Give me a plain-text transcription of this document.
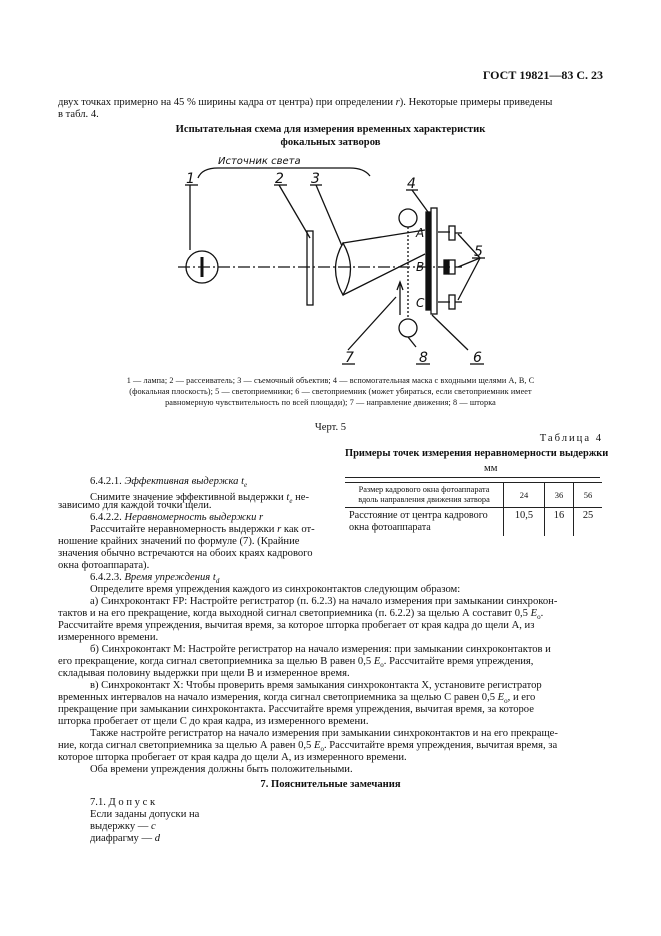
ГОСТ 19821—83 С. 23

двух точках примерно на 45 % ширины кадра от центра) при определении r). Некоторые примеры приведены

в табл. 4.

Испытательная схема для измерения временных характеристик
фокальных затворов
1	2 3	4
5
6
7	8
A
B
C
Источник света
1 — лампа; 2 — рассеиватель; 3 — съемочный объектив; 4 — вспомогательная маска с входными щелями А, В, С
(фокальная плоскость); 5 — светоприемники; 6 — светоприемник (может убираться, если светоприемник имеет
равномерную чувствительность по всей площади); 7 — направление движения; 8 — шторка
Черт. 5
Таблица 4
Примеры точек измерения неравномерности выдержки
мм
Размер кадрового окна фотоаппарата вдоль направления движения затвора	24	36	56
Расстояние от центра кадрового окна фотоаппарата	10,5	16	25
6.4.2.1. Эффективная выдержка $t_e$
Снимите значение эффективной выдержки $t_e$ не-
зависимо для каждой точки щели.
6.4.2.2. Неравномерность выдержки r
Рассчитайте неравномерность выдержки r как от-
ношение крайних значений по формуле (7). (Крайние
значения обычно встречаются на обоих краях кадрового
окна фотоаппарата).
6.4.2.3. Время упреждения $t_d$
Определите время упреждения каждого из синхроконтактов следующим образом:
а) Синхроконтакт FP: Настройте регистратор (п. 6.2.3) на начало измерения при замыкании синхрокон-
тактов и на его прекращение, когда выходной сигнал светоприемника (п. 6.2.2) за щелью А составит 0,5 $E_o$.
Рассчитайте время упреждения, вычитая время, за которое шторка пробегает от края кадра до щели А, из
измеренного времени.
б) Синхроконтакт М: Настройте регистратор на начало измерения: при замыкании синхроконтактов и
его прекращение, когда сигнал светоприемника за щелью В равен 0,5 $E_o$. Рассчитайте время упреждения,
складывая половину выдержки при щели В и измеренное время.
в) Синхроконтакт X: Чтобы проверить время замыкания синхроконтакта X, установите регистратор
временных интервалов на начало измерения, когда сигнал светоприемника за щелью С равен 0,5 $E_o$, и его
прекращение при замыкании синхроконтакта. Рассчитайте время упреждения, вычитая время, за которое
шторка пробегает от щели С до края кадра, из измеренного времени.
Также настройте регистратор на начало измерения при замыкании синхроконтактов и на его прекраще-
ние, когда сигнал светоприемника за щелью А равен 0,5 $E_o$. Рассчитайте время упреждения, вычитая время, за
которое шторка пробегает от края кадра до щели А, из измеренного времени.
Оба времени упреждения должны быть положительными.
7. Пояснительные замечания
7.1. Д о п у с к
Если заданы допуски на
выдержку — c
диафрагму — d
